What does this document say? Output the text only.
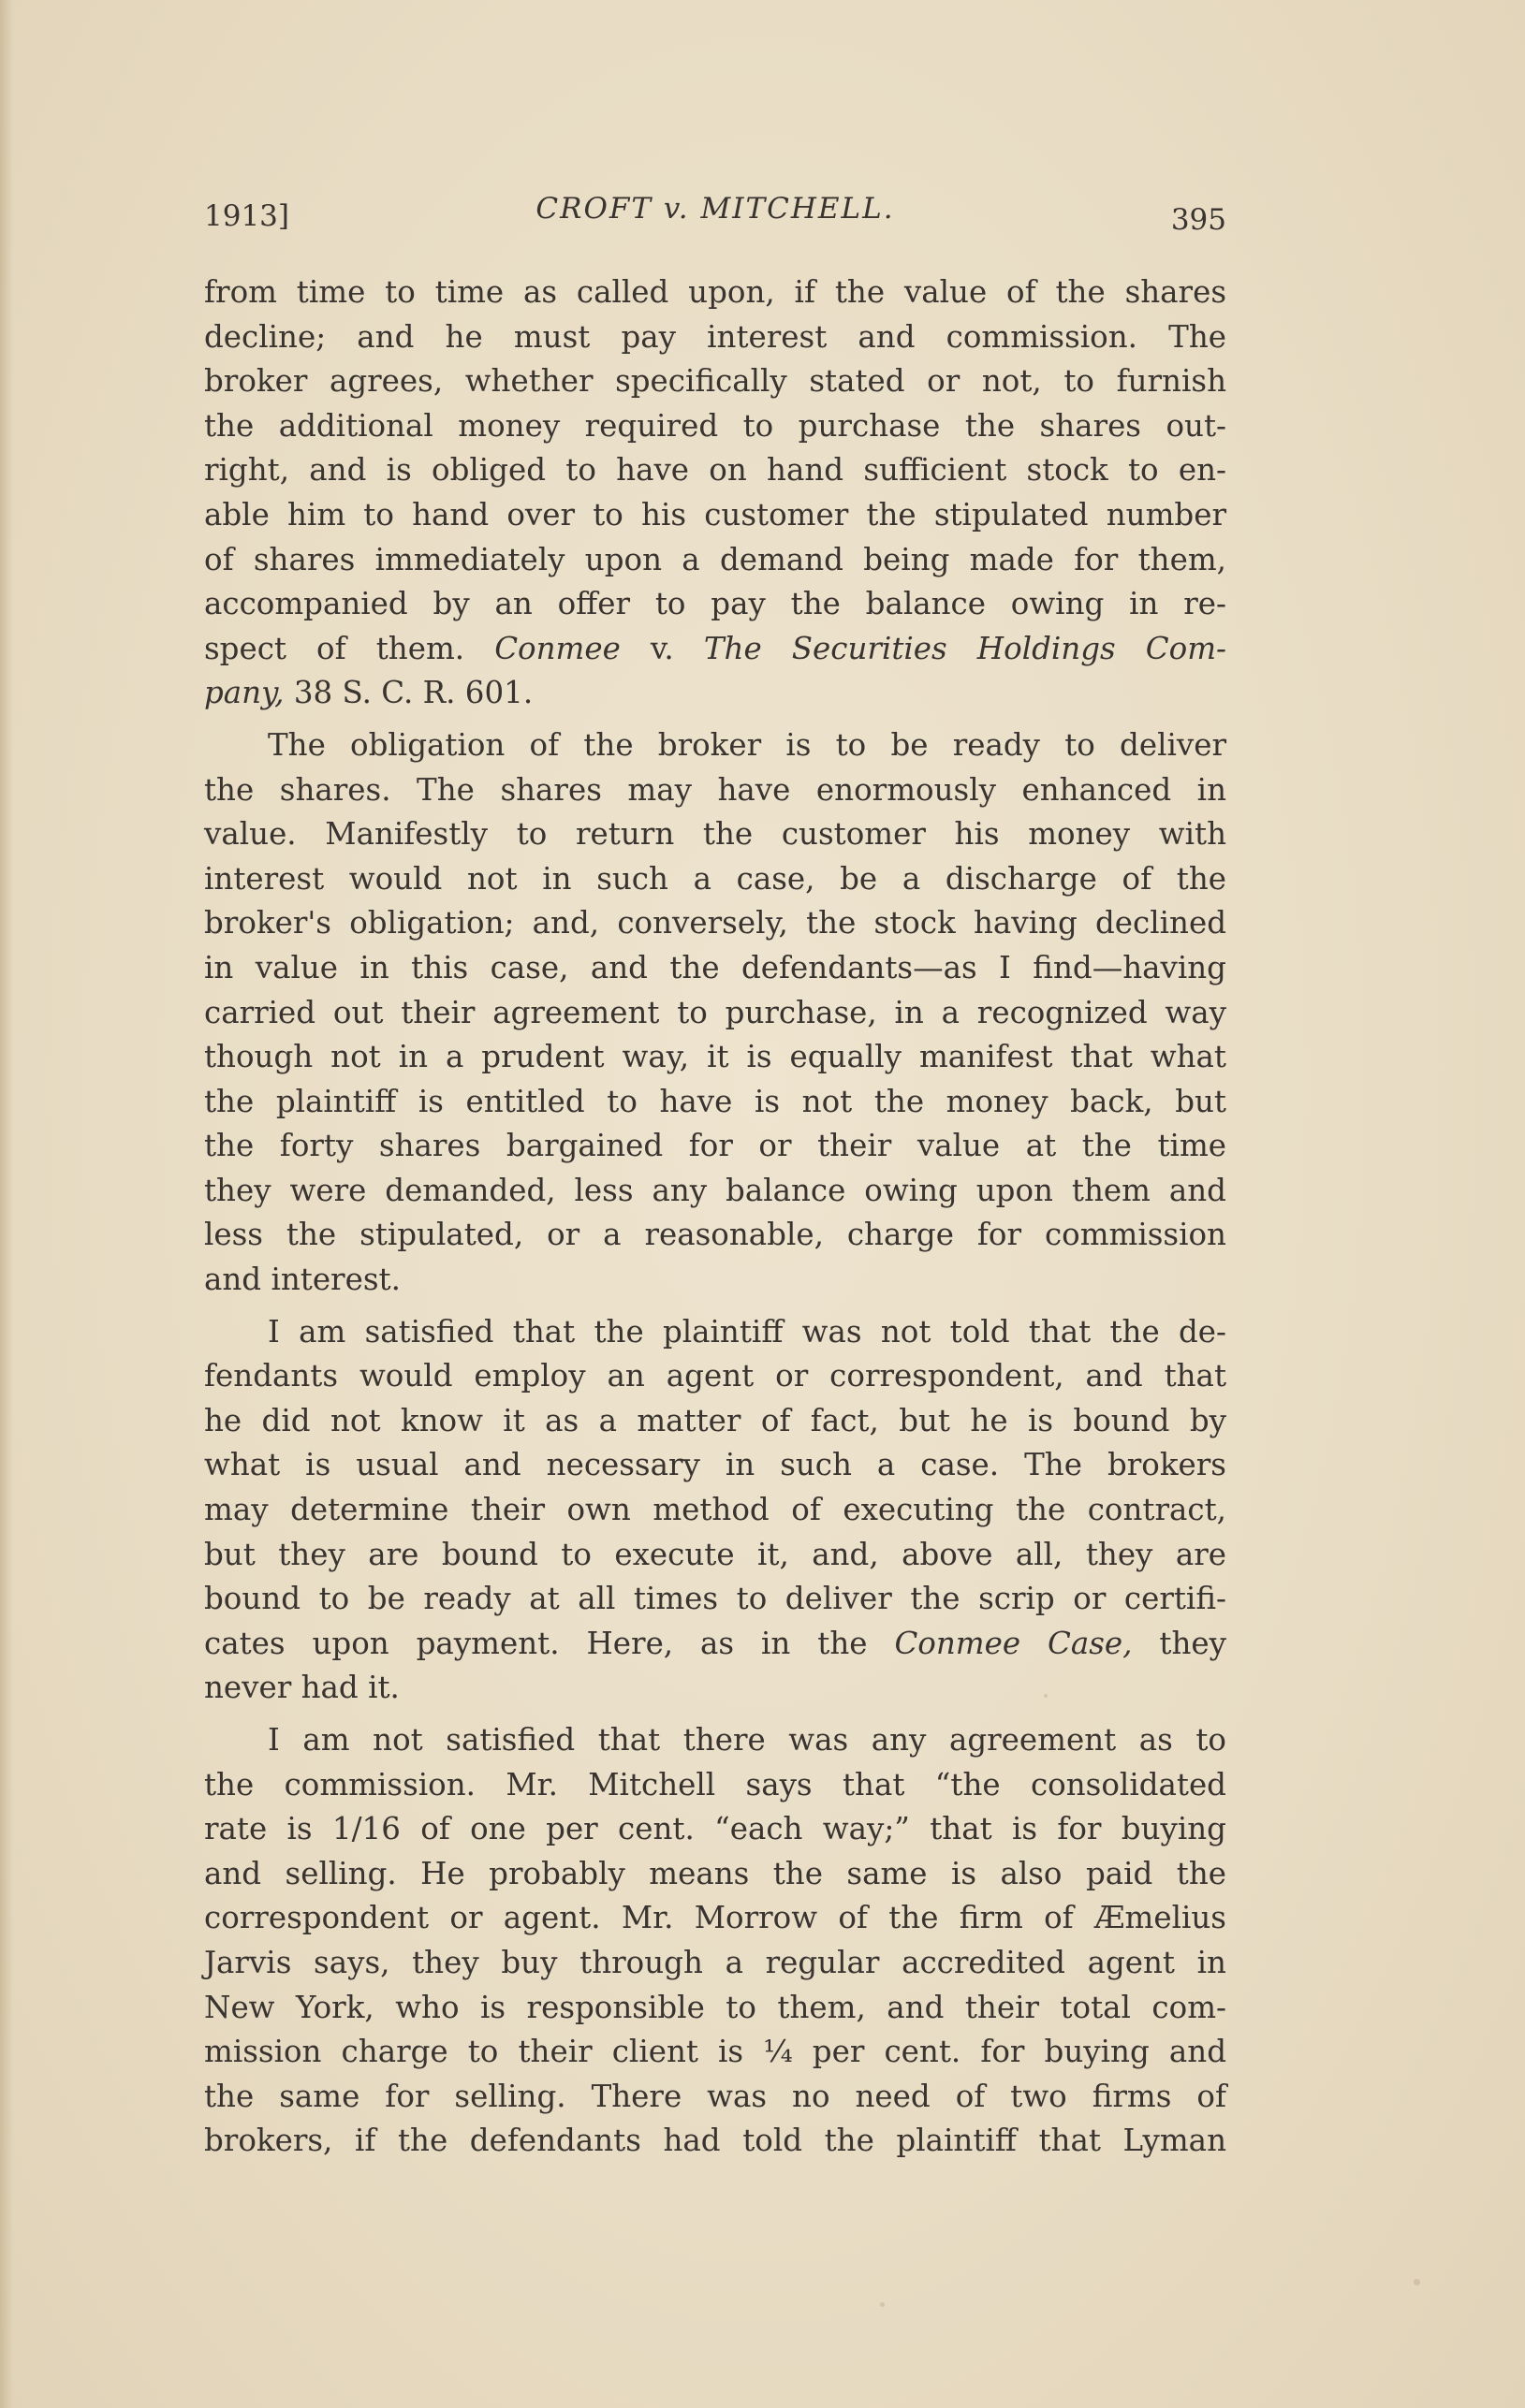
1913]	CROFT v. MITCHELL.	395
from time to time as called upon, if the value of the shares
decline; and he must pay interest and commission. The
broker agrees, whether specifically stated or not, to furnish
the additional money required to purchase the shares out-
right, and is obliged to have on hand sufficient stock to en-
able him to hand over to his customer the stipulated number
of shares immediately upon a demand being made for them,
accompanied by an offer to pay the balance owing in re-
spect of them. Conmee v. The Securities Holdings Com-
pany, 38 S. C. R. 601.
The obligation of the broker is to be ready to deliver
the shares. The shares may have enormously enhanced in
value. Manifestly to return the customer his money with
interest would not in such a case, be a discharge of the
broker's obligation; and, conversely, the stock having declined
in value in this case, and the defendants—as I find—having
carried out their agreement to purchase, in a recognized way
though not in a prudent way, it is equally manifest that what
the plaintiff is entitled to have is not the money back, but
the forty shares bargained for or their value at the time
they were demanded, less any balance owing upon them and
less the stipulated, or a reasonable, charge for commission
and interest.
I am satisfied that the plaintiff was not told that the de-
fendants would employ an agent or correspondent, and that
he did not know it as a matter of fact, but he is bound by
what is usual and necessary in such a case. The brokers
may determine their own method of executing the contract,
but they are bound to execute it, and, above all, they are
bound to be ready at all times to deliver the scrip or certifi-
cates upon payment. Here, as in the Conmee Case, they
never had it.
I am not satisfied that there was any agreement as to
the commission. Mr. Mitchell says that “the consolidated
rate is 1/16 of one per cent. “each way;” that is for buying
and selling. He probably means the same is also paid the
correspondent or agent. Mr. Morrow of the firm of Æmelius
Jarvis says, they buy through a regular accredited agent in
New York, who is responsible to them, and their total com-
mission charge to their client is ¼ per cent. for buying and
the same for selling. There was no need of two firms of
brokers, if the defendants had told the plaintiff that Lyman
